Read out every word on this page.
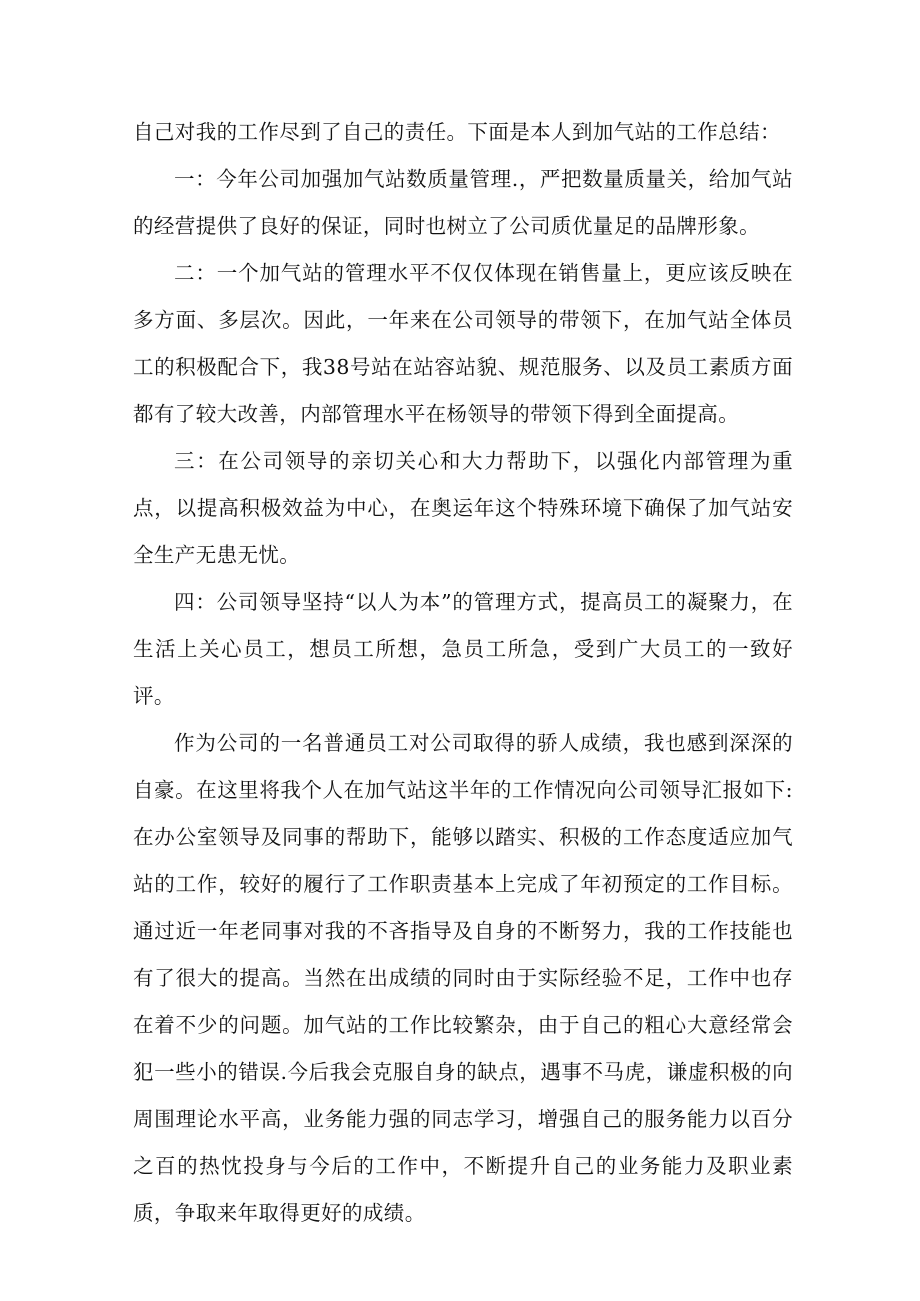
自己对我的工作尽到了自己的责任。下面是本人到加气站的工作总结：

一：今年公司加强加气站数质量管理.，严把数量质量关，给加气站的经营提供了良好的保证，同时也树立了公司质优量足的品牌形象。

二：一个加气站的管理水平不仅仅体现在销售量上，更应该反映在多方面、多层次。因此，一年来在公司领导的带领下，在加气站全体员工的积极配合下，我38号站在站容站貌、规范服务、以及员工素质方面都有了较大改善，内部管理水平在杨领导的带领下得到全面提高。

三：在公司领导的亲切关心和大力帮助下，以强化内部管理为重点，以提高积极效益为中心，在奥运年这个特殊环境下确保了加气站安全生产无患无忧。

四：公司领导坚持“以人为本”的管理方式，提高员工的凝聚力，在生活上关心员工，想员工所想，急员工所急，受到广大员工的一致好评。

作为公司的一名普通员工对公司取得的骄人成绩，我也感到深深的自豪。在这里将我个人在加气站这半年的工作情况向公司领导汇报如下:在办公室领导及同事的帮助下，能够以踏实、积极的工作态度适应加气站的工作，较好的履行了工作职责基本上完成了年初预定的工作目标。通过近一年老同事对我的不吝指导及自身的不断努力，我的工作技能也有了很大的提高。当然在出成绩的同时由于实际经验不足，工作中也存在着不少的问题。加气站的工作比较繁杂，由于自己的粗心大意经常会犯一些小的错误.今后我会克服自身的缺点，遇事不马虎，谦虚积极的向周围理论水平高，业务能力强的同志学习，增强自己的服务能力以百分之百的热忱投身与今后的工作中，不断提升自己的业务能力及职业素质，争取来年取得更好的成绩。
